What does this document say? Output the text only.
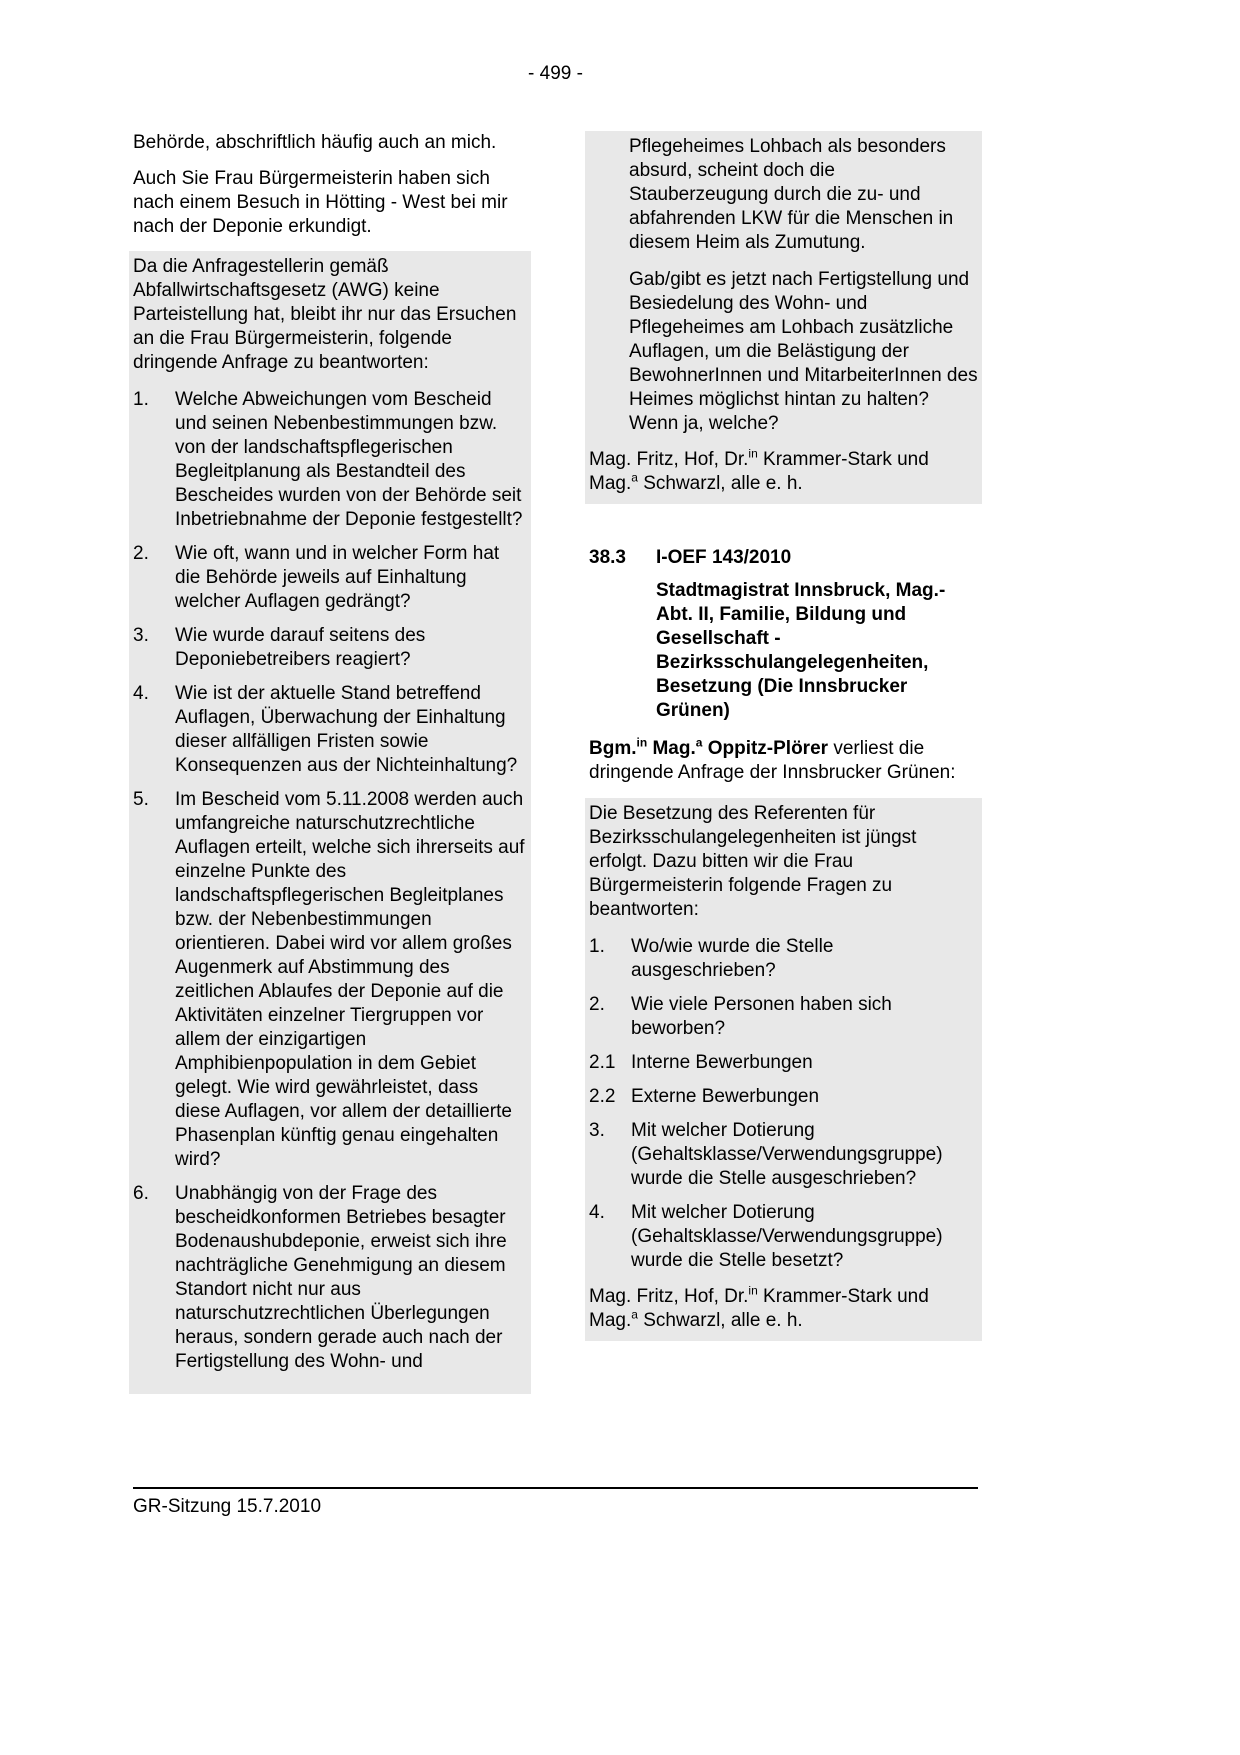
- 499 -

Behörde, abschriftlich häufig auch an mich.

Auch Sie Frau Bürgermeisterin haben sich nach einem Besuch in Hötting - West bei mir nach der Deponie erkundigt.

Da die Anfragestellerin gemäß Abfallwirtschaftsgesetz (AWG) keine Parteistellung hat, bleibt ihr nur das Ersuchen an die Frau Bürgermeisterin, folgende dringende Anfrage zu beantworten:

1.	Welche Abweichungen vom Bescheid und seinen Nebenbestimmungen bzw. von der landschaftspflegerischen Begleitplanung als Bestandteil des Bescheides wurden von der Behörde seit Inbetriebnahme der Deponie festgestellt?
2.	Wie oft, wann und in welcher Form hat die Behörde jeweils auf Einhaltung welcher Auflagen gedrängt?
3.	Wie wurde darauf seitens des Deponiebetreibers reagiert?
4.	Wie ist der aktuelle Stand betreffend Auflagen, Überwachung der Einhaltung dieser allfälligen Fristen sowie Konsequenzen aus der Nichteinhaltung?
5.	Im Bescheid vom 5.11.2008 werden auch umfangreiche naturschutzrechtliche Auflagen erteilt, welche sich ihrerseits auf einzelne Punkte des landschaftspflegerischen Begleitplanes bzw. der Nebenbestimmungen orientieren. Dabei wird vor allem großes Augenmerk auf Abstimmung des zeitlichen Ablaufes der Deponie auf die Aktivitäten einzelner Tiergruppen vor allem der einzigartigen Amphibienpopulation in dem Gebiet gelegt. Wie wird gewährleistet, dass diese Auflagen, vor allem der detaillierte Phasenplan künftig genau eingehalten wird?
6.	Unabhängig von der Frage des bescheidkonformen Betriebes besagter Bodenaushubdeponie, erweist sich ihre nachträgliche Genehmigung an diesem Standort nicht nur aus naturschutzrechtlichen Überlegungen heraus, sondern gerade auch nach der Fertigstellung des Wohn- und

Pflegeheimes Lohbach als besonders absurd, scheint doch die Stauberzeugung durch die zu- und abfahrenden LKW für die Menschen in diesem Heim als Zumutung.

Gab/gibt es jetzt nach Fertigstellung und Besiedelung des Wohn- und Pflegeheimes am Lohbach zusätzliche Auflagen, um die Belästigung der BewohnerInnen und MitarbeiterInnen des Heimes möglichst hintan zu halten? Wenn ja, welche?

Mag. Fritz, Hof, Dr.$^{in}$ Krammer-Stark und Mag.$^a$ Schwarzl, alle e. h.

38.3	I-OEF 143/2010

Stadtmagistrat Innsbruck, Mag.-Abt. II, Familie, Bildung und Gesellschaft - Bezirksschulangelegenheiten, Besetzung (Die Innsbrucker Grünen)

Bgm.$^{in}$ Mag.$^a$ Oppitz-Plörer verliest die dringende Anfrage der Innsbrucker Grünen:

Die Besetzung des Referenten für Bezirksschulangelegenheiten ist jüngst erfolgt. Dazu bitten wir die Frau Bürgermeisterin folgende Fragen zu beantworten:

1.	Wo/wie wurde die Stelle ausgeschrieben?
2.	Wie viele Personen haben sich beworben?
2.1 Interne Bewerbungen
2.2 Externe Bewerbungen
3.	Mit welcher Dotierung (Gehaltsklasse/Verwendungsgruppe) wurde die Stelle ausgeschrieben?
4.	Mit welcher Dotierung (Gehaltsklasse/Verwendungsgruppe) wurde die Stelle besetzt?

Mag. Fritz, Hof, Dr.$^{in}$ Krammer-Stark und Mag.$^a$ Schwarzl, alle e. h.

GR-Sitzung 15.7.2010
